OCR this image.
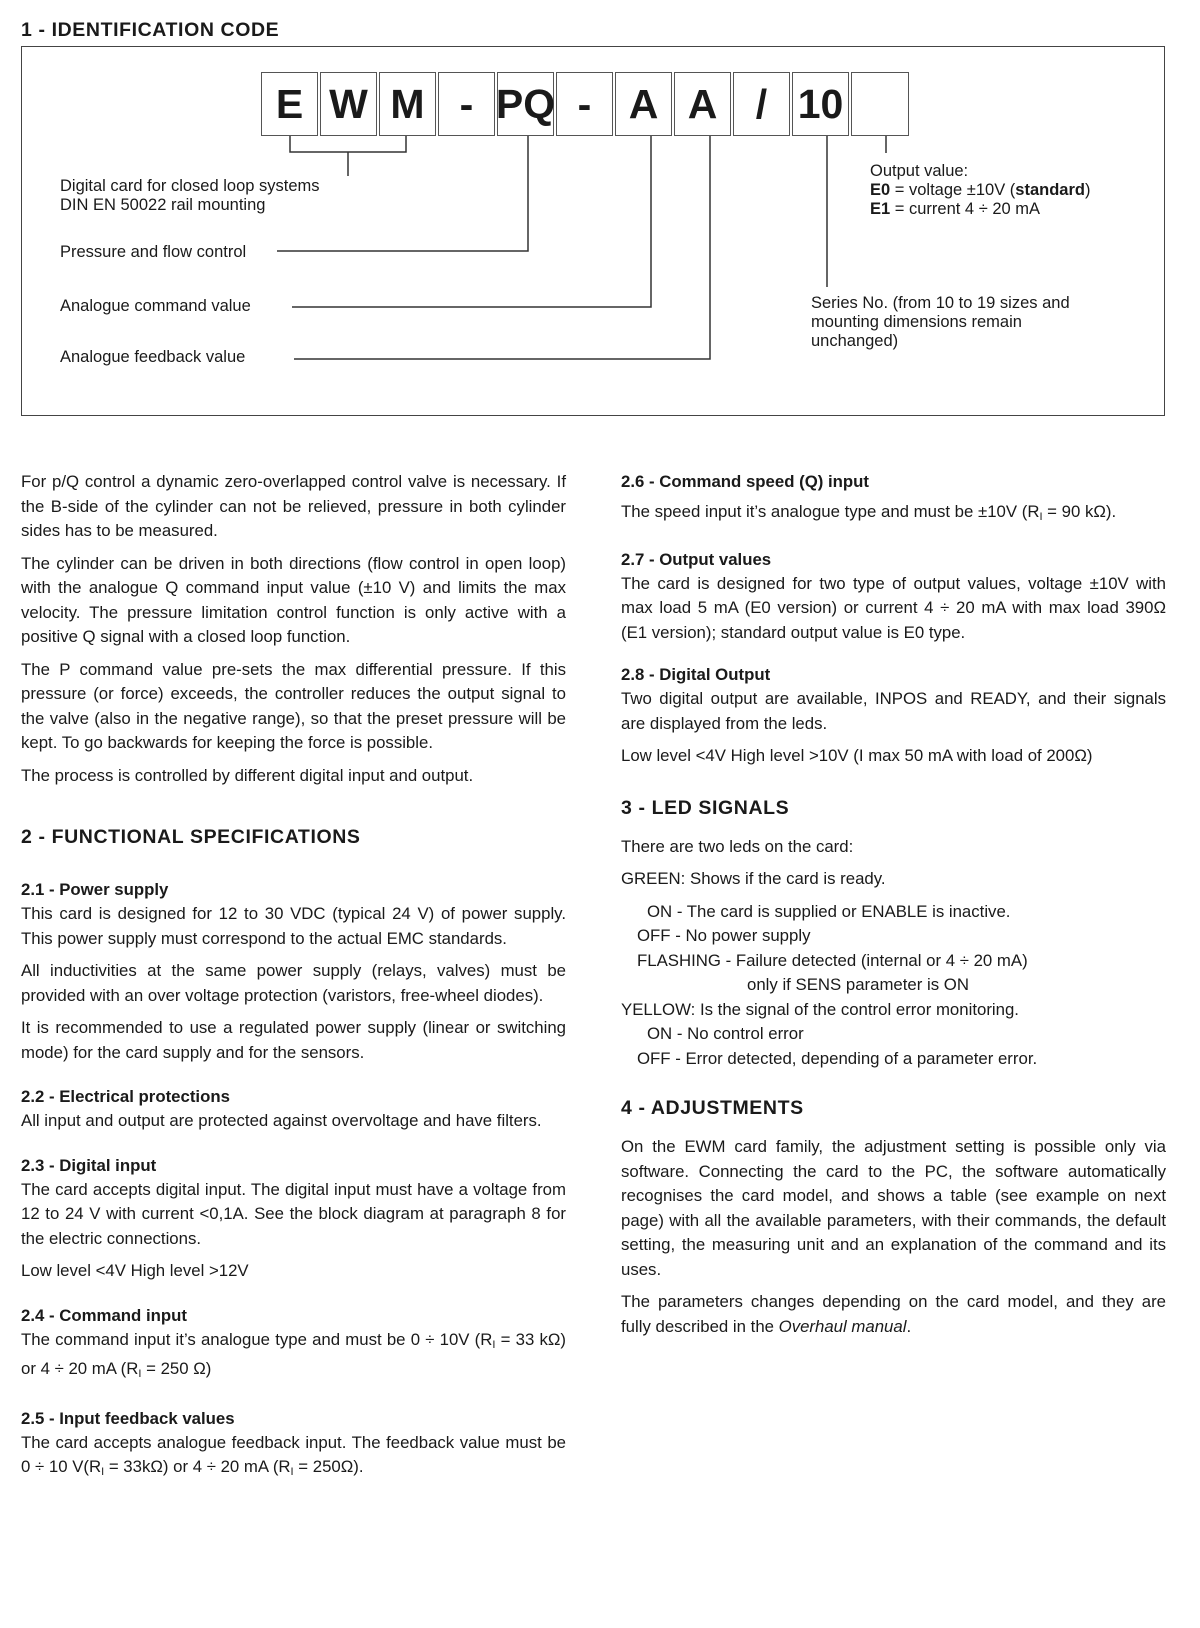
1 - IDENTIFICATION CODE
E W M - PQ - A A / 10
Digital card for closed loop systems
DIN EN 50022 rail mounting
Pressure and flow control
Analogue command value
Analogue feedback value
Output value:
E0 = voltage ±10V (standard)
E1 = current 4 ÷ 20 mA
Series No. (from 10 to 19 sizes and
mounting dimensions remain
unchanged)

For p/Q control a dynamic zero-overlapped control valve is necessary. If the B-side of the cylinder can not be relieved, pressure in both cylinder sides has to be measured.

The cylinder can be driven in both directions (flow control in open loop) with the analogue Q command input value (±10 V) and limits the max velocity. The pressure limitation control function is only active with a positive Q signal with a closed loop function.

The P command value pre-sets the max differential pressure. If this pressure (or force) exceeds, the controller reduces the output signal to the valve (also in the negative range), so that the preset pressure will be kept. To go backwards for keeping the force is possible.

The process is controlled by different digital input and output.

2 - FUNCTIONAL SPECIFICATIONS
2.1 - Power supply

This card is designed for 12 to 30 VDC (typical 24 V) of power supply. This power supply must correspond to the actual EMC standards.

All inductivities at the same power supply (relays, valves) must be provided with an over voltage protection (varistors, free-wheel diodes).

It is recommended to use a regulated power supply (linear or switching mode) for the card supply and for the sensors.

2.2 - Electrical protections

All input and output are protected against overvoltage and have filters.

2.3 - Digital input

The card accepts digital input. The digital input must have a voltage from 12 to 24 V with current <0,1A. See the block diagram at paragraph 8 for the electric connections.

Low level <4V High level >12V

2.4 - Command input

The command input it’s analogue type and must be 0 ÷ 10V ($R_I = 33$ kΩ) or 4 ÷ 20 mA ($R_I = 250$ Ω)

2.5 - Input feedback values

The card accepts analogue feedback input. The feedback value must be 0 ÷ 10 $V(R_I = 33k\Omega)$ or 4 ÷ 20 mA $(R_I = 250\Omega)$.

2.6 - Command speed (Q) input

The speed input it’s analogue type and must be ±10V ($R_I = 90$ kΩ).

2.7 - Output values

The card is designed for two type of output values, voltage ±10V with max load 5 mA (E0 version) or current 4 ÷ 20 mA with max load 390Ω (E1 version); standard output value is E0 type.

2.8 - Digital Output

Two digital output are available, INPOS and READY, and their signals are displayed from the leds.

Low level <4V High level >10V (I max 50 mA with load of 200Ω)

3 - LED SIGNALS

There are two leds on the card:

GREEN: Shows if the card is ready.

ON - The card is supplied or ENABLE is inactive.
OFF - No power supply
FLASHING - Failure detected (internal or 4 ÷ 20 mA)
only if SENS parameter is ON
YELLOW: Is the signal of the control error monitoring.
ON - No control error
OFF - Error detected, depending of a parameter error.
4 - ADJUSTMENTS

On the EWM card family, the adjustment setting is possible only via software. Connecting the card to the PC, the software automatically recognises the card model, and shows a table (see example on next page) with all the available parameters, with their commands, the default setting, the measuring unit and an explanation of the command and its uses.

The parameters changes depending on the card model, and they are fully described in the Overhaul manual.
